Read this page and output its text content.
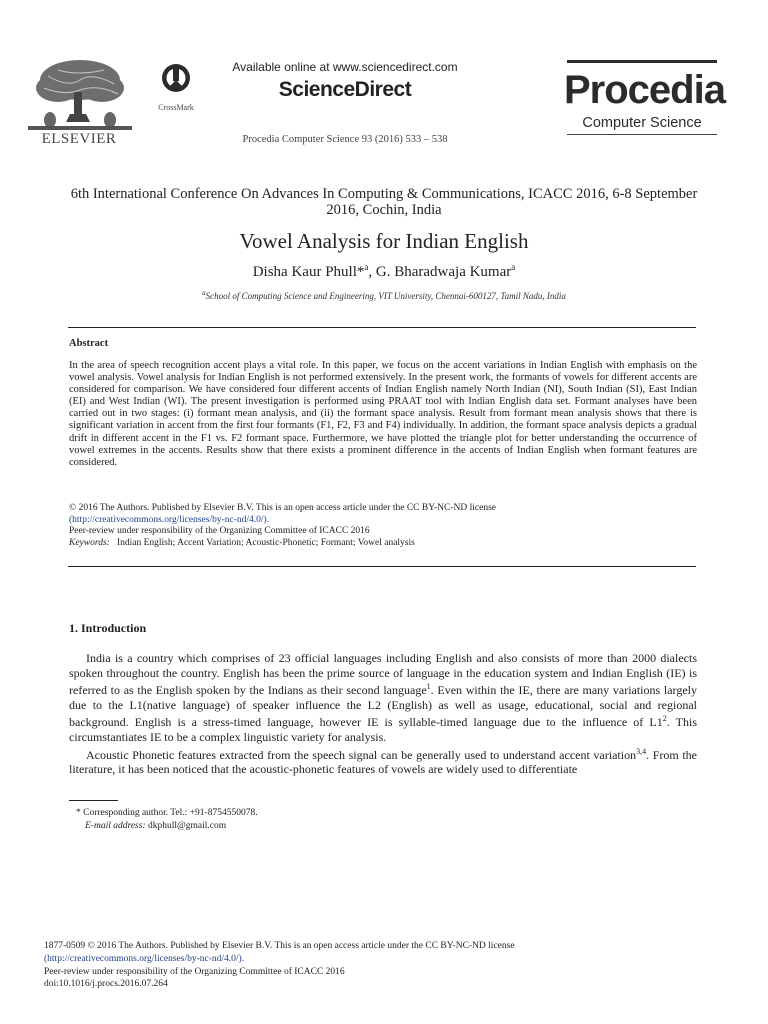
ELSEVIER
CrossMark
Available online at www.sciencedirect.com
ScienceDirect
Procedia Computer Science 93 (2016) 533 – 538
Procedia
Computer Science
6th International Conference On Advances In Computing & Communications, ICACC 2016, 6-8 September 2016, Cochin, India
Vowel Analysis for Indian English
Disha Kaur Phull*$^a$, G. Bharadwaja Kumar$^a$
$^a$School of Computing Science and Engineering, VIT University, Chennai-600127, Tamil Nadu, India
Abstract
In the area of speech recognition accent plays a vital role. In this paper, we focus on the accent variations in Indian English with emphasis on the vowel analysis. Vowel analysis for Indian English is not performed extensively. In the present work, the formants of vowels for different accents are considered for comparison. We have considered four different accents of Indian English namely North Indian (NI), South Indian (SI), East Indian (EI) and West Indian (WI). The present investigation is performed using PRAAT tool with Indian English data set. Formant analyses have been carried out in two stages: (i) formant mean analysis, and (ii) the formant space analysis. Result from formant mean analysis shows that there is significant variation in accent from the first four formants (F1, F2, F3 and F4) individually. In addition, the formant space analysis depicts a gradual drift in different accent in the F1 vs. F2 formant space. Furthermore, we have plotted the triangle plot for better understanding the occurrence of vowel extremes in the accents. Results show that there exists a prominent difference in the accents of Indian English when formant features are considered.
© 2016 The Authors. Published by Elsevier B.V. This is an open access article under the CC BY-NC-ND license
(http://creativecommons.org/licenses/by-nc-nd/4.0/).
Peer-review under responsibility of the Organizing Committee of ICACC 2016
Keywords: Indian English; Accent Variation; Acoustic-Phonetic; Formant; Vowel analysis
1. Introduction

India is a country which comprises of 23 official languages including English and also consists of more than 2000 dialects spoken throughout the country. English has been the prime source of language in the education system and Indian English (IE) is referred to as the English spoken by the Indians as their second language$^1$. Even within the IE, there are many variations largely due to the L1(native language) of speaker influence the L2 (English) as well as usage, educational, social and regional background. English is a stress-timed language, however IE is syllable-timed language due to the influence of $L1^2$. This circumstantiates IE to be a complex linguistic variety for analysis.

Acoustic Phonetic features extracted from the speech signal can be generally used to understand accent variation$^{3,4}$. From the literature, it has been noticed that the acoustic-phonetic features of vowels are widely used to differentiate

* Corresponding author. Tel.: +91-8754550078.
E-mail address: dkphull@gmail.com
1877-0509 © 2016 The Authors. Published by Elsevier B.V. This is an open access article under the CC BY-NC-ND license
(http://creativecommons.org/licenses/by-nc-nd/4.0/).
Peer-review under responsibility of the Organizing Committee of ICACC 2016
doi:10.1016/j.procs.2016.07.264
